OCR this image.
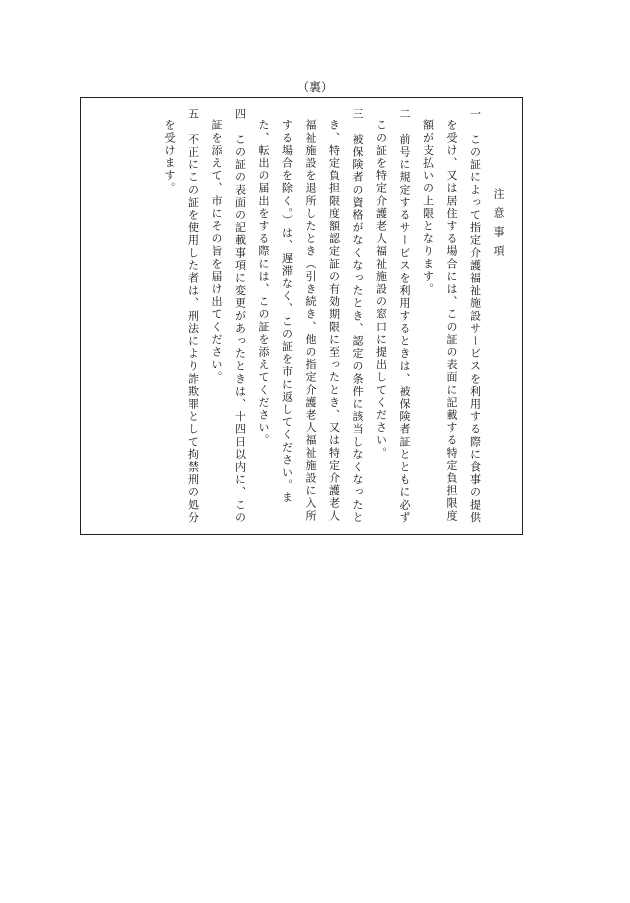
（裏）
注意事項
一　この証によって指定介護福祉施設サービスを利用する際に食事の提供を受け、又は居住する場合には、この証の表面に記載する特定負担限度額が支払いの上限となります。
二　前号に規定するサービスを利用するときは、被保険者証とともに必ずこの証を特定介護老人福祉施設の窓口に提出してください。
三　被保険者の資格がなくなったとき、認定の条件に該当しなくなったとき、特定負担限度額認定証の有効期限に至ったとき、又は特定介護老人福祉施設を退所したとき（引き続き、他の指定介護老人福祉施設に入所する場合を除く。）は、遅滞なく、この証を市に返してください。また、転出の届出をする際には、この証を添えてください。
四　この証の表面の記載事項に変更があったときは、十四日以内に、この証を添えて、市にその旨を届け出てください。
五　不正にこの証を使用した者は、刑法により詐欺罪として拘禁刑の処分を受けます。
